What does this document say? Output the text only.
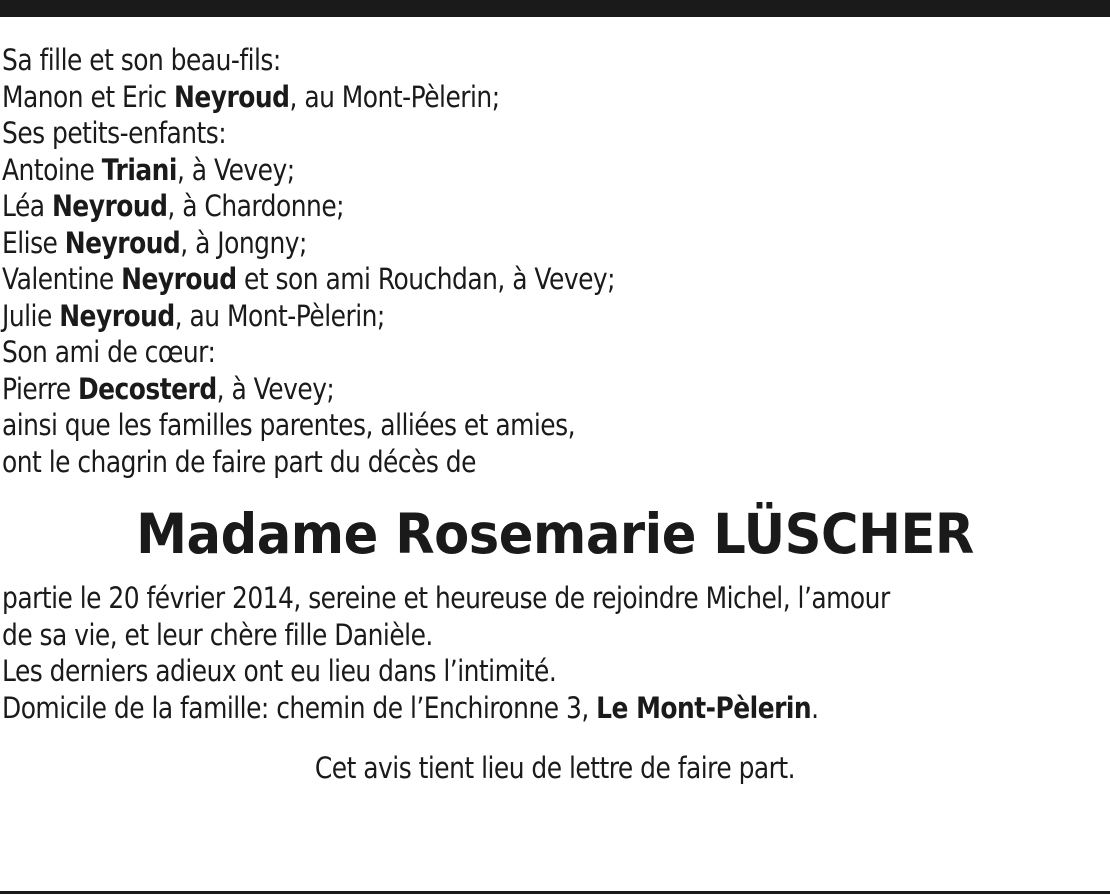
Sa fille et son beau-fils:
Manon et Eric Neyroud, au Mont-Pèlerin;
Ses petits-enfants:
Antoine Triani, à Vevey;
Léa Neyroud, à Chardonne;
Elise Neyroud, à Jongny;
Valentine Neyroud et son ami Rouchdan, à Vevey;
Julie Neyroud, au Mont-Pèlerin;
Son ami de cœur:
Pierre Decosterd, à Vevey;
ainsi que les familles parentes, alliées et amies,
ont le chagrin de faire part du décès de
Madame Rosemarie LÜSCHER
partie le 20 février 2014, sereine et heureuse de rejoindre Michel, l’amour
de sa vie, et leur chère fille Danièle.
Les derniers adieux ont eu lieu dans l’intimité.
Domicile de la famille: chemin de l’Enchironne 3, Le Mont-Pèlerin.
Cet avis tient lieu de lettre de faire part.
